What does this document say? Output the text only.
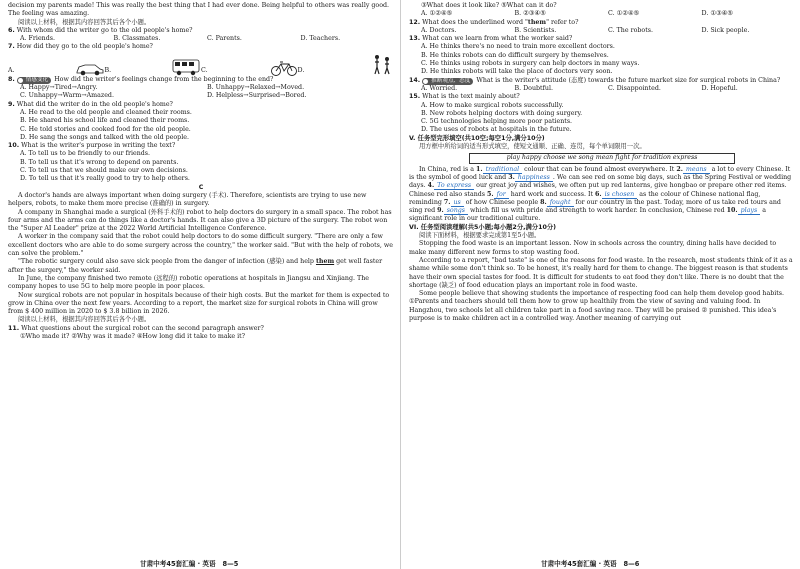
decision my parents made! This was really the best thing that I had ever done. Being helpful to others was really good. The feeling was amazing.

阅读以上材料，根据其内容回答其后各个小题。

6. With whom did the writer go to the old people's home?

A. Friends.	B. Classmates.	C. Parents.	D. Teachers.

7. How did they go to the old people's home?

A.	B.	C.	D.

8. 情感变化 How did the writer's feelings change from the beginning to the end?

A. Happy→Tired→Angry.	B. Unhappy→Relaxed→Moved.

C. Unhappy→Warm→Amazed.	D. Helpless→Surprised→Bored.

9. What did the writer do in the old people's home?

A. He read to the old people and cleaned their rooms.

B. He shared his school life and cleaned their rooms.

C. He told stories and cooked food for the old people.

D. He sang the songs and talked with the old people.

10. What is the writer's purpose in writing the text?

A. To tell us to be friendly to our friends.

B. To tell us that it's wrong to depend on parents.

C. To tell us that we should make our own decisions.

D. To tell us that it's really good to try to help others.

C

A doctor's hands are always important when doing surgery (手术). Therefore, scientists are trying to use new helpers, robots, to make them more precise (准确的) in surgery.

A company in Shanghai made a surgical (外科手术的) robot to help doctors do surgery in a small space. The robot has four arms and the arms can do things like a doctor's hands. It can also give a 3D picture of the surgery. The robot won the "Super AI Leader" prize at the 2022 World Artificial Intelligence Conference.

A worker in the company said that the robot could help doctors to do some difficult surgery. "There are only a few excellent doctors who are able to do some surgery across the country," the worker said. "But with the help of robots, we can solve the problem."

"The robotic surgery could also save sick people from the danger of infection (感染) and help them get well faster after the surgery," the worker said.

In June, the company finished two remote (远程的) robotic operations at hospitals in Jiangsu and Xinjiang. The company hopes to use 5G to help more people in poor places.

Now surgical robots are not popular in hospitals because of their high costs. But the market for them is expected to grow in China over the next few years. According to a report, the market size for surgical robots in China will grow from $ 400 million in 2020 to $ 3.8 billion in 2026.

阅读以上材料，根据其内容回答其后各个小题。

11. What questions about the surgical robot can the second paragraph answer?

①Who made it? ②Why was it made? ④How long did it take to make it?

甘肃中考45套汇编 · 英语 8—5

③What does it look like? ⑤What can it do?

A. ①②④⑤	B. ②③④⑤	C. ①②④⑤	D. ①③④⑤

12. What does the underlined word "them" refer to?

A. Doctors.	B. Scientists.	C. The robots.	D. Sick people.

13. What can we learn from what the worker said?

A. He thinks there's no need to train more excellent doctors.

B. He thinks robots can do difficult surgery by themselves.

C. He thinks using robots in surgery can help doctors in many ways.

D. He thinks robots will take the place of doctors very soon.

14. 推断观点、态度 What is the writer's attitude (态度) towards the future market size for surgical robots in China?

A. Worried.	B. Doubtful.	C. Disappointed.	D. Hopeful.

15. What is the text mainly about?

A. How to make surgical robots successfully.

B. New robots helping doctors with doing surgery.

C. 5G technologies helping more poor patients.

D. The uses of robots at hospitals in the future.

V. 任务型完形填空(共10空;每空1分,满分10分)

用方框中所给词的适当形式填空，使短文通顺、正确、连贯，每个单词限用一次。

play happy choose we song mean fight for tradition express

In China, red is a 1. traditional colour that can be found almost everywhere. It 2. means a lot to every Chinese. It is the symbol of good luck and 3. happiness . We can see red on some big days, such as the Spring Festival or wedding days. 4. To express our great joy and wishes, we often put up red lanterns, give hongbao or prepare other red items. Chinese red also stands 5. for hard work and success. It 6. is chosen as the colour of Chinese national flag, reminding 7. us of how Chinese people 8. fought for our country in the past. Today, more of us take red tours and sing red 9. songs which fill us with pride and strength to work harder. In conclusion, Chinese red 10. plays a significant role in our traditional culture.

VI. 任务型阅读理解(共5小题;每小题2分,满分10分)

阅读下面材料，根据要求完成第1至5小题。

Stopping the food waste is an important lesson. Now in schools across the country, dining halls have decided to make many different new forms to stop wasting food.

According to a report, "bad taste" is one of the reasons for food waste. In the research, most students think of it as a shame while some don't think so. To be honest, it's really hard for them to change. The biggest reason is that students have their own special tastes for food. It is difficult for students to eat food they don't like. There is no doubt that the shortage (缺乏) of food education plays an important role in food waste.

Some people believe that showing students the importance of respecting food can help them develop good habits. ①Parents and teachers should tell them how to grow up healthily from the view of saving and valuing food. In Hangzhou, two schools let all children take part in a food saving race. They will be praised ② punished. This idea's purpose is to make children act in a controlled way. Another meaning of carrying out

甘肃中考45套汇编 · 英语 8—6
